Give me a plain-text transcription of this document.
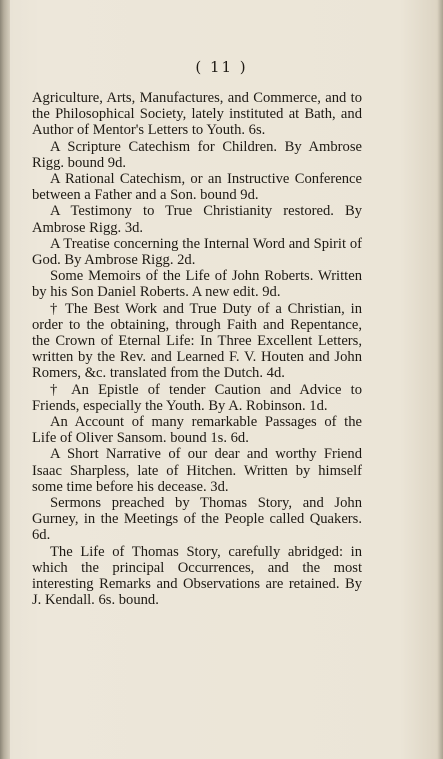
( 11 )

Agriculture, Arts, Manufactures, and Commerce, and to the Philosophical Society, lately instituted at Bath, and Author of Mentor's Letters to Youth. 6s.

A Scripture Catechism for Children. By Ambrose Rigg. bound 9d.

A Rational Catechism, or an Instructive Conference between a Father and a Son. bound 9d.

A Testimony to True Christianity restored. By Ambrose Rigg. 3d.

A Treatise concerning the Internal Word and Spirit of God. By Ambrose Rigg. 2d.

Some Memoirs of the Life of John Roberts. Written by his Son Daniel Roberts. A new edit. 9d.

† The Best Work and True Duty of a Christian, in order to the obtaining, through Faith and Repentance, the Crown of Eternal Life: In Three Excellent Letters, written by the Rev. and Learned F. V. Houten and John Romers, &c. translated from the Dutch. 4d.

† An Epistle of tender Caution and Advice to Friends, especially the Youth. By A. Robinson. 1d.

An Account of many remarkable Passages of the Life of Oliver Sansom. bound 1s. 6d.

A Short Narrative of our dear and worthy Friend Isaac Sharpless, late of Hitchen. Written by himself some time before his decease. 3d.

Sermons preached by Thomas Story, and John Gurney, in the Meetings of the People called Quakers. 6d.

The Life of Thomas Story, carefully abridged: in which the principal Occurrences, and the most interesting Remarks and Observations are retained. By J. Kendall. 6s. bound.
